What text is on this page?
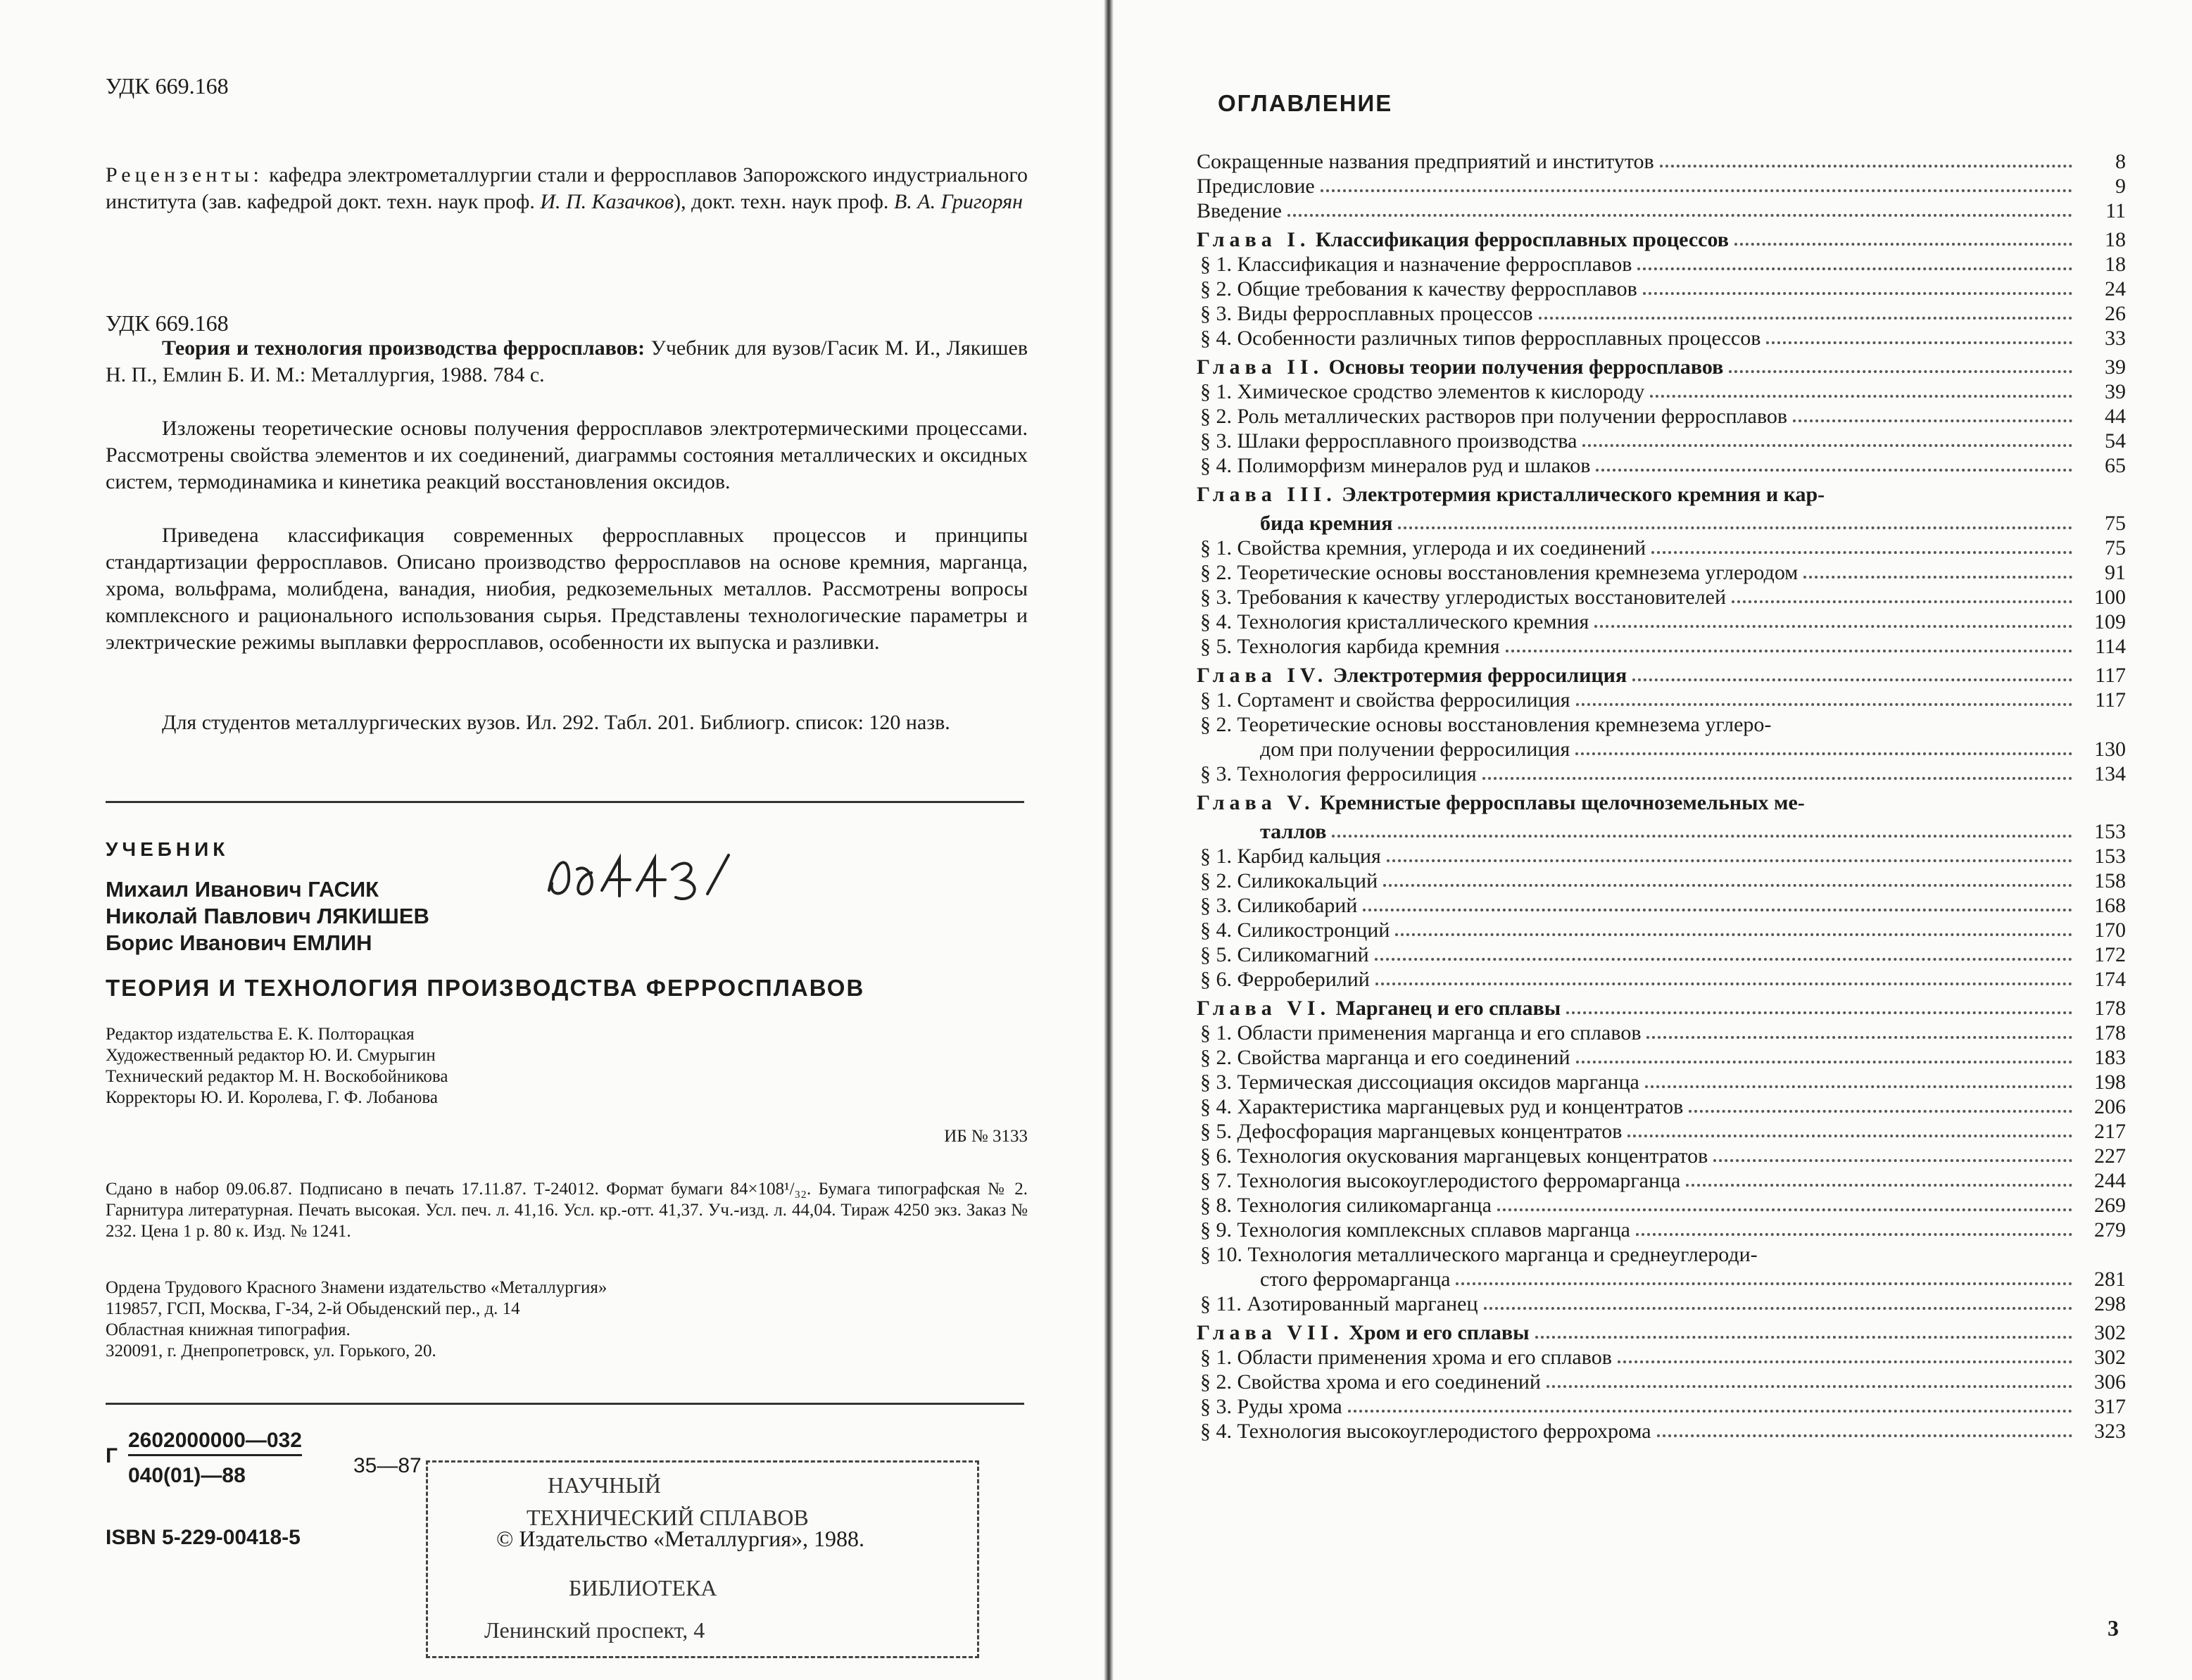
УДК 669.168

Рецензенты: кафедра электрометаллургии стали и ферросплавов Запорожского индустриального института (зав. кафедрой докт. техн. наук проф. И. П. Казачков), докт. техн. наук проф. В. А. Григорян

УДК 669.168

Теория и технология производства ферросплавов: Учебник для вузов/Гасик М. И., Лякишев Н. П., Емлин Б. И. М.: Металлургия, 1988. 784 с.

Изложены теоретические основы получения ферросплавов электротермическими процессами. Рассмотрены свойства элементов и их соединений, диаграммы состояния металлических и оксидных систем, термодинамика и кинетика реакций восстановления оксидов.

Приведена классификация современных ферросплавных процессов и принципы стандартизации ферросплавов. Описано производство ферросплавов на основе кремния, марганца, хрома, вольфрама, молибдена, ванадия, ниобия, редкоземельных металлов. Рассмотрены вопросы комплексного и рационального использования сырья. Представлены технологические параметры и электрические режимы выплавки ферросплавов, особенности их выпуска и разливки.

Для студентов металлургических вузов. Ил. 292. Табл. 201. Библиогр. список: 120 назв.

УЧЕБНИК

Михаил Иванович ГАСИК
Николай Павлович ЛЯКИШЕВ
Борис Иванович ЕМЛИН

ТЕОРИЯ И ТЕХНОЛОГИЯ ПРОИЗВОДСТВА ФЕРРОСПЛАВОВ

Редактор издательства Е. К. Полторацкая
Художественный редактор Ю. И. Смурыгин
Технический редактор М. Н. Воскобойникова
Корректоры Ю. И. Королева, Г. Ф. Лобанова

ИБ № 3133

Сдано в набор 09.06.87. Подписано в печать 17.11.87. Т-24012. Формат бумаги 84×108¹/₃₂. Бумага типографская № 2. Гарнитура литературная. Печать высокая. Усл. печ. л. 41,16. Усл. кр.-отт. 41,37. Уч.-изд. л. 44,04. Тираж 4250 экз. Заказ № 232. Цена 1 р. 80 к. Изд. № 1241.

Ордена Трудового Красного Знамени издательство «Металлургия»
119857, ГСП, Москва, Г-34, 2-й Обыденский пер., д. 14
Областная книжная типография.
320091, г. Днепропетровск, ул. Горького, 20.
Г
2602000000—032
040(01)—88	35—87
НАУЧНЫЙ
ТЕХНИЧЕСКИЙ СПЛАВОВ
БИБЛИОТЕКА
Ленинский проспект, 4
ISBN 5-229-00418-5	© Издательство «Металлургия», 1988.
ОГЛАВЛЕНИЕ
Сокращенные названия предприятий и институтов	8
Предисловие	9
Введение	11
Глава I. Классификация ферросплавных процессов	18
§ 1. Классификация и назначение ферросплавов	18
§ 2. Общие требования к качеству ферросплавов	24
§ 3. Виды ферросплавных процессов	26
§ 4. Особенности различных типов ферросплавных процессов	33
Глава II. Основы теории получения ферросплавов	39
§ 1. Химическое сродство элементов к кислороду	39
§ 2. Роль металлических растворов при получении ферросплавов	44
§ 3. Шлаки ферросплавного производства	54
§ 4. Полиморфизм минералов руд и шлаков	65
Глава III. Электротермия кристаллического кремния и кар-
бида кремния	75
§ 1. Свойства кремния, углерода и их соединений	75
§ 2. Теоретические основы восстановления кремнезема углеродом	91
§ 3. Требования к качеству углеродистых восстановителей	100
§ 4. Технология кристаллического кремния	109
§ 5. Технология карбида кремния	114
Глава IV. Электротермия ферросилиция	117
§ 1. Сортамент и свойства ферросилиция	117
§ 2. Теоретические основы восстановления кремнезема углеро-
дом при получении ферросилиция	130
§ 3. Технология ферросилиция	134
Глава V. Кремнистые ферросплавы щелочноземельных ме-
таллов	153
§ 1. Карбид кальция	153
§ 2. Силикокальций	158
§ 3. Силикобарий	168
§ 4. Силикостронций	170
§ 5. Силикомагний	172
§ 6. Ферроберилий	174
Глава VI. Марганец и его сплавы	178
§ 1. Области применения марганца и его сплавов	178
§ 2. Свойства марганца и его соединений	183
§ 3. Термическая диссоциация оксидов марганца	198
§ 4. Характеристика марганцевых руд и концентратов	206
§ 5. Дефосфорация марганцевых концентратов	217
§ 6. Технология окускования марганцевых концентратов	227
§ 7. Технология высокоуглеродистого ферромарганца	244
§ 8. Технология силикомарганца	269
§ 9. Технология комплексных сплавов марганца	279
§ 10. Технология металлического марганца и среднеуглероди-
стого ферромарганца	281
§ 11. Азотированный марганец	298
Глава VII. Хром и его сплавы	302
§ 1. Области применения хрома и его сплавов	302
§ 2. Свойства хрома и его соединений	306
§ 3. Руды хрома	317
§ 4. Технология высокоуглеродистого феррохрома	323
3
